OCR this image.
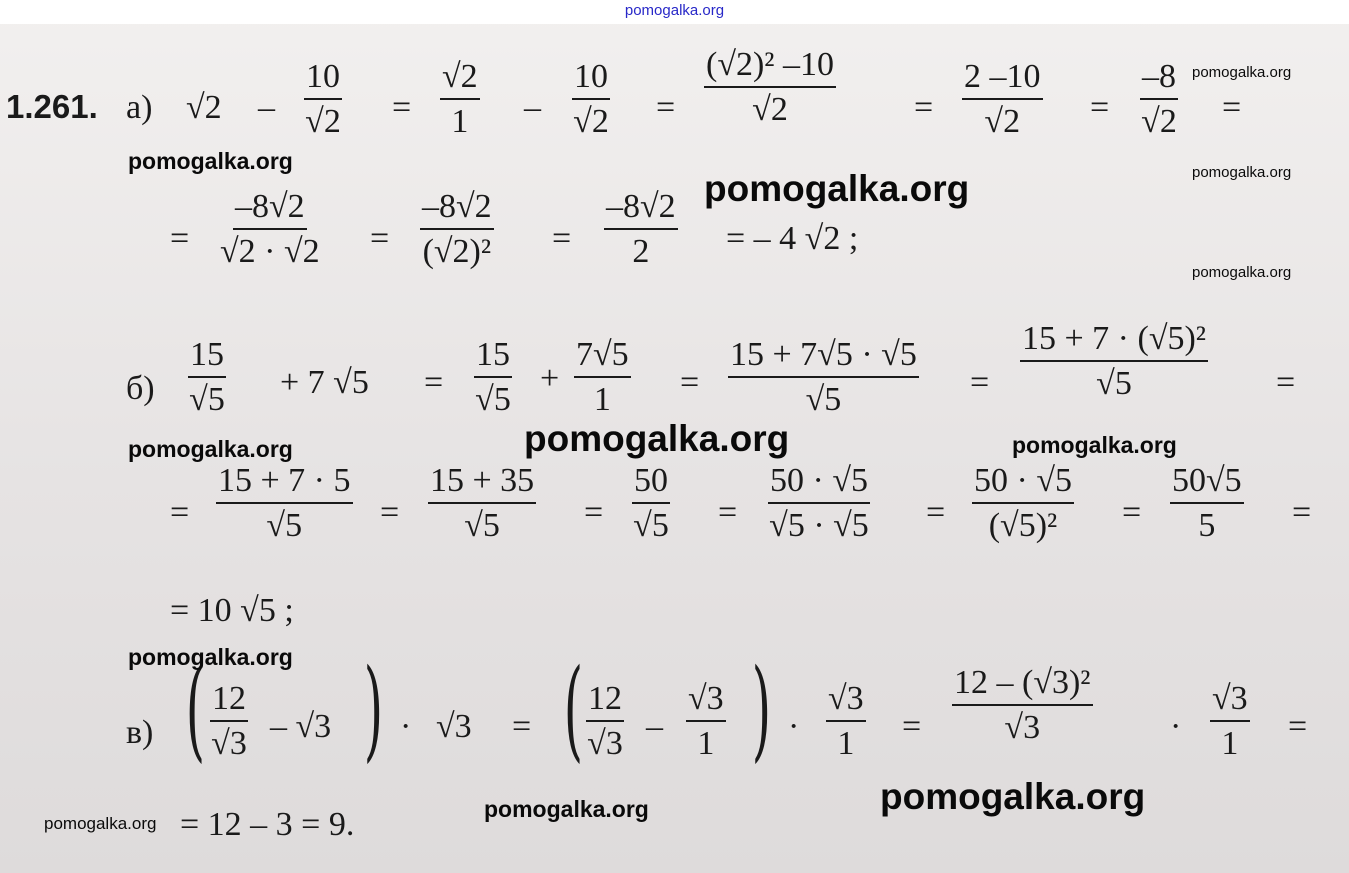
pomogalka.org
1.261. а) $√2 - \frac{10}{√2} = \frac{√2}{1} - \frac{10}{√2} = \frac{\text{(√2)² –10}}{√2} = \frac{2 -10}{√2} = \frac{-8}{√2}$ =
= $\frac{-8√2}{√2 \cdot √2} = \frac{-8√2}{\text{(√2)²}} = \frac{-8√2}{2}$ = – 4 √2 ;
$б) \frac{15}{√5} + 7$ $√5 = \frac{15}{√5} + \frac{7√5}{1} = \frac{15 + 7√5 \cdot √5}{√5} = \frac{\text{15 + 7 · (√5)²}}{√5}$ =
= $\frac{15 + 7 \cdot 5}{√5} = \frac{15 + 35}{√5} = \frac{50}{√5} = \frac{50 \cdot √5}{√5 \cdot √5} = \frac{50 \cdot √5}{\text{(√5)²}} = \frac{50√5}{5}$ =
= 10 √5 ;
в) ( $\frac{12}{√3} - √3$ ) · √3 = ( $\frac{12}{√3} - \frac{√3}{1}$ ) · $\frac{√3}{1} = \frac{\text{12 – (√3)²}}{√3} \cdot \frac{√3}{1}$ =
= 12 – 3 = 9.
pomogalka.org
pomogalka.org	pomogalka.org
pomogalka.org
pomogalka.org
pomogalka.org	pomogalka.org	pomogalka.org
pomogalka.org
pomogalka.org
pomogalka.org
pomogalka.org
